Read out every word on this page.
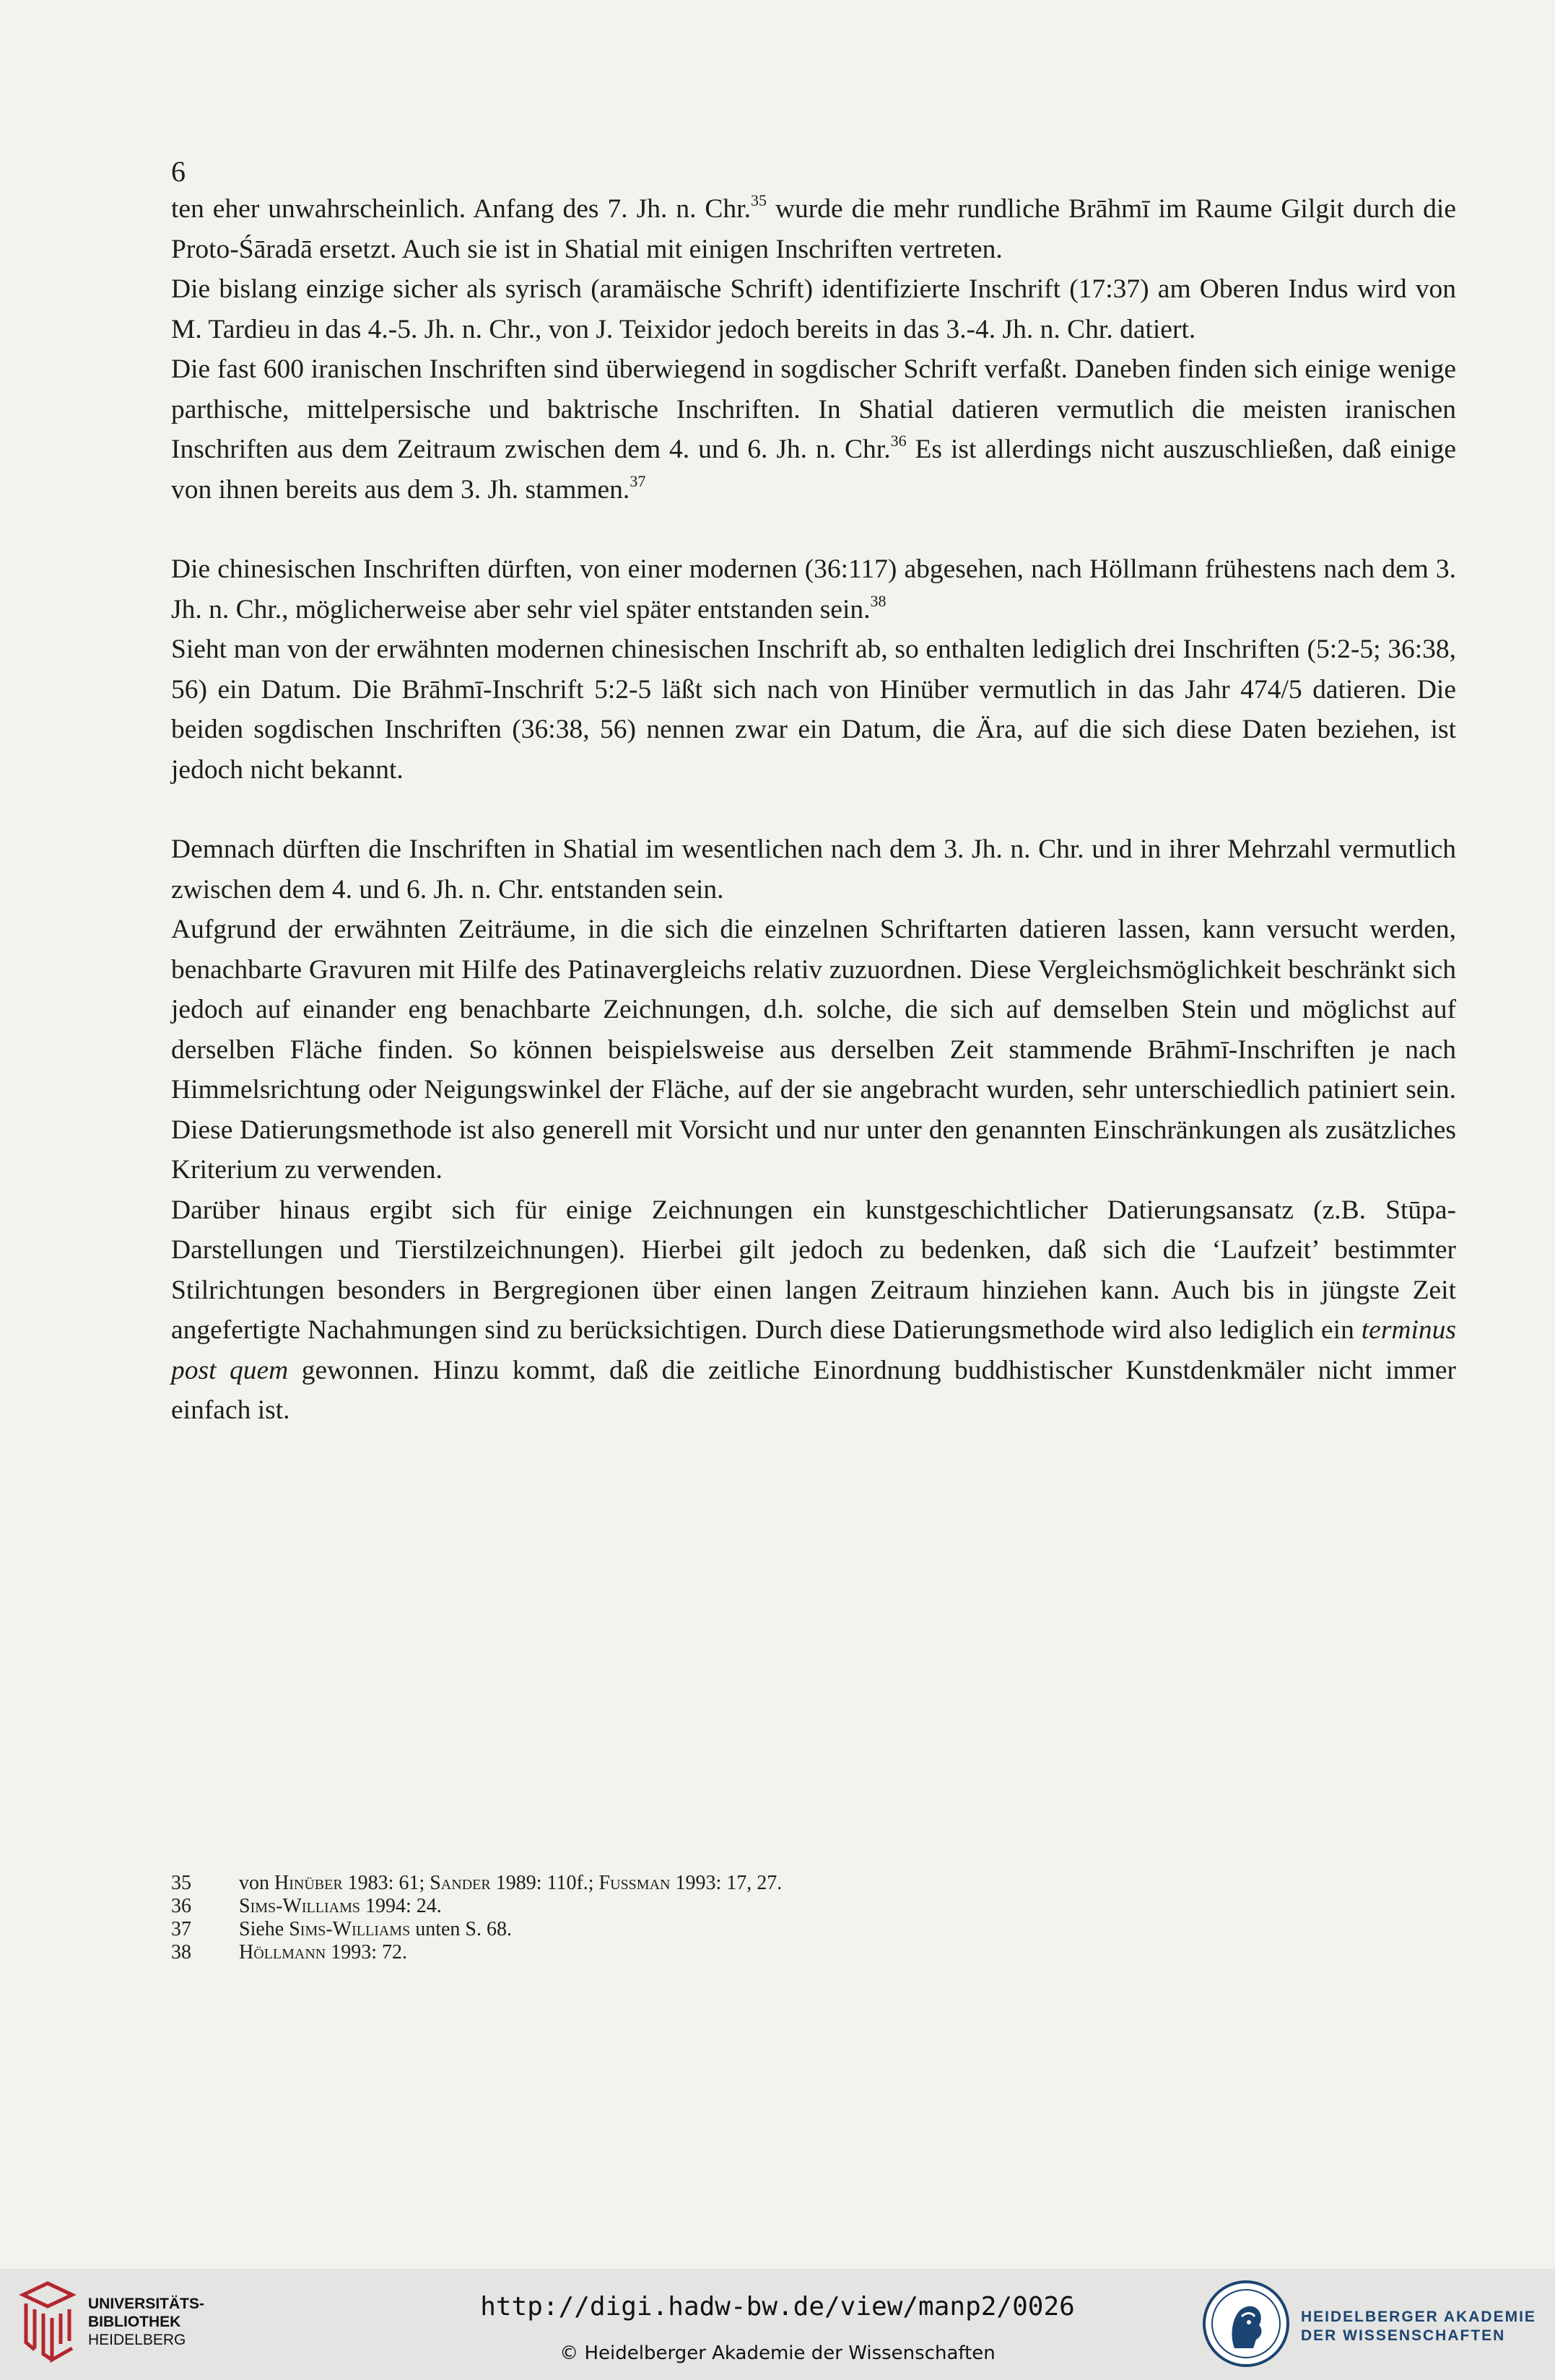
6

ten eher unwahrscheinlich. Anfang des 7. Jh. n. Chr.$^{35}$ wurde die mehr rundliche Brāhmī im Raume Gilgit durch die Proto-Śāradā ersetzt. Auch sie ist in Shatial mit einigen Inschriften vertreten.

Die bislang einzige sicher als syrisch (aramäische Schrift) identifizierte Inschrift (17:37) am Oberen Indus wird von M. Tardieu in das 4.-5. Jh. n. Chr., von J. Teixidor jedoch bereits in das 3.-4. Jh. n. Chr. datiert.

Die fast 600 iranischen Inschriften sind überwiegend in sogdischer Schrift verfaßt. Daneben finden sich einige wenige parthische, mittelpersische und baktrische Inschriften. In Shatial datieren vermutlich die meisten iranischen Inschriften aus dem Zeitraum zwischen dem 4. und 6. Jh. n. Chr.$^{36}$ Es ist allerdings nicht auszuschließen, daß einige von ihnen bereits aus dem 3. Jh. stammen.$^{37}$

Die chinesischen Inschriften dürften, von einer modernen (36:117) abgesehen, nach Höllmann frühestens nach dem 3. Jh. n. Chr., möglicherweise aber sehr viel später entstanden sein.$^{38}$

Sieht man von der erwähnten modernen chinesischen Inschrift ab, so enthalten lediglich drei Inschriften (5:2-5; 36:38, 56) ein Datum. Die Brāhmī-Inschrift 5:2-5 läßt sich nach von Hinüber vermutlich in das Jahr 474/5 datieren. Die beiden sogdischen Inschriften (36:38, 56) nennen zwar ein Datum, die Ära, auf die sich diese Daten beziehen, ist jedoch nicht bekannt.

Demnach dürften die Inschriften in Shatial im wesentlichen nach dem 3. Jh. n. Chr. und in ihrer Mehrzahl vermutlich zwischen dem 4. und 6. Jh. n. Chr. entstanden sein.

Aufgrund der erwähnten Zeiträume, in die sich die einzelnen Schriftarten datieren lassen, kann versucht werden, benachbarte Gravuren mit Hilfe des Patinavergleichs relativ zuzuordnen. Diese Vergleichsmöglichkeit beschränkt sich jedoch auf einander eng benachbarte Zeichnungen, d.h. solche, die sich auf demselben Stein und möglichst auf derselben Fläche finden. So können beispielsweise aus derselben Zeit stammende Brāhmī-Inschriften je nach Himmelsrichtung oder Neigungswinkel der Fläche, auf der sie angebracht wurden, sehr unterschiedlich patiniert sein. Diese Datierungsmethode ist also generell mit Vorsicht und nur unter den genannten Einschränkungen als zusätzliches Kriterium zu verwenden.

Darüber hinaus ergibt sich für einige Zeichnungen ein kunstgeschichtlicher Datierungsansatz (z.B. Stūpa-Darstellungen und Tierstilzeichnungen). Hierbei gilt jedoch zu bedenken, daß sich die ‘Laufzeit’ bestimmter Stilrichtungen besonders in Bergregionen über einen langen Zeitraum hinziehen kann. Auch bis in jüngste Zeit angefertigte Nachahmungen sind zu berücksichtigen. Durch diese Datierungsmethode wird also lediglich ein terminus post quem gewonnen. Hinzu kommt, daß die zeitliche Einordnung buddhistischer Kunstdenkmäler nicht immer einfach ist.

35	von Hinüber 1983: 61; Sander 1989: 110f.; Fussman 1993: 17, 27.
36	Sims-Williams 1994: 24.
37	Siehe Sims-Williams unten S. 68.
38	Höllmann 1993: 72.
UNIVERSITÄTS-
BIBLIOTHEK
HEIDELBERG
http://digi.hadw-bw.de/view/manp2/0026
© Heidelberger Akademie der Wissenschaften
HEIDELBERGER AKADEMIE
DER WISSENSCHAFTEN
